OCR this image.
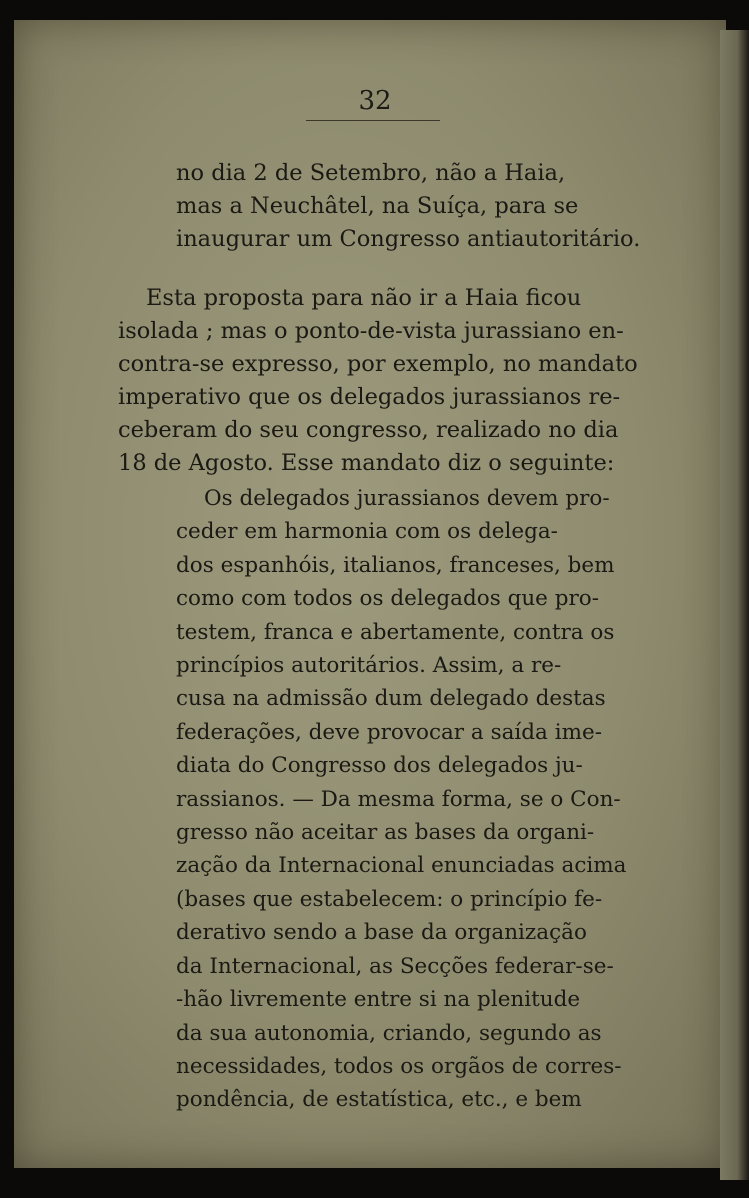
32
no dia 2 de Setembro, não a Haia,
mas a Neuchâtel, na Suíça, para se
inaugurar um Congresso antiautoritário.
Esta proposta para não ir a Haia ficou
isolada ; mas o ponto-de-vista jurassiano en-
contra-se expresso, por exemplo, no mandato
imperativo que os delegados jurassianos re-
ceberam do seu congresso, realizado no dia
18 de Agosto. Esse mandato diz o seguinte:
Os delegados jurassianos devem pro-
ceder em harmonia com os delega-
dos espanhóis, italianos, franceses, bem
como com todos os delegados que pro-
testem, franca e abertamente, contra os
princípios autoritários. Assim, a re-
cusa na admissão dum delegado destas
federações, deve provocar a saída ime-
diata do Congresso dos delegados ju-
rassianos. — Da mesma forma, se o Con-
gresso não aceitar as bases da organi-
zação da Internacional enunciadas acima
(bases que estabelecem: o princípio fe-
derativo sendo a base da organização
da Internacional, as Secções federar-se-
-hão livremente entre si na plenitude
da sua autonomia, criando, segundo as
necessidades, todos os orgãos de corres-
pondência, de estatística, etc., e bem
